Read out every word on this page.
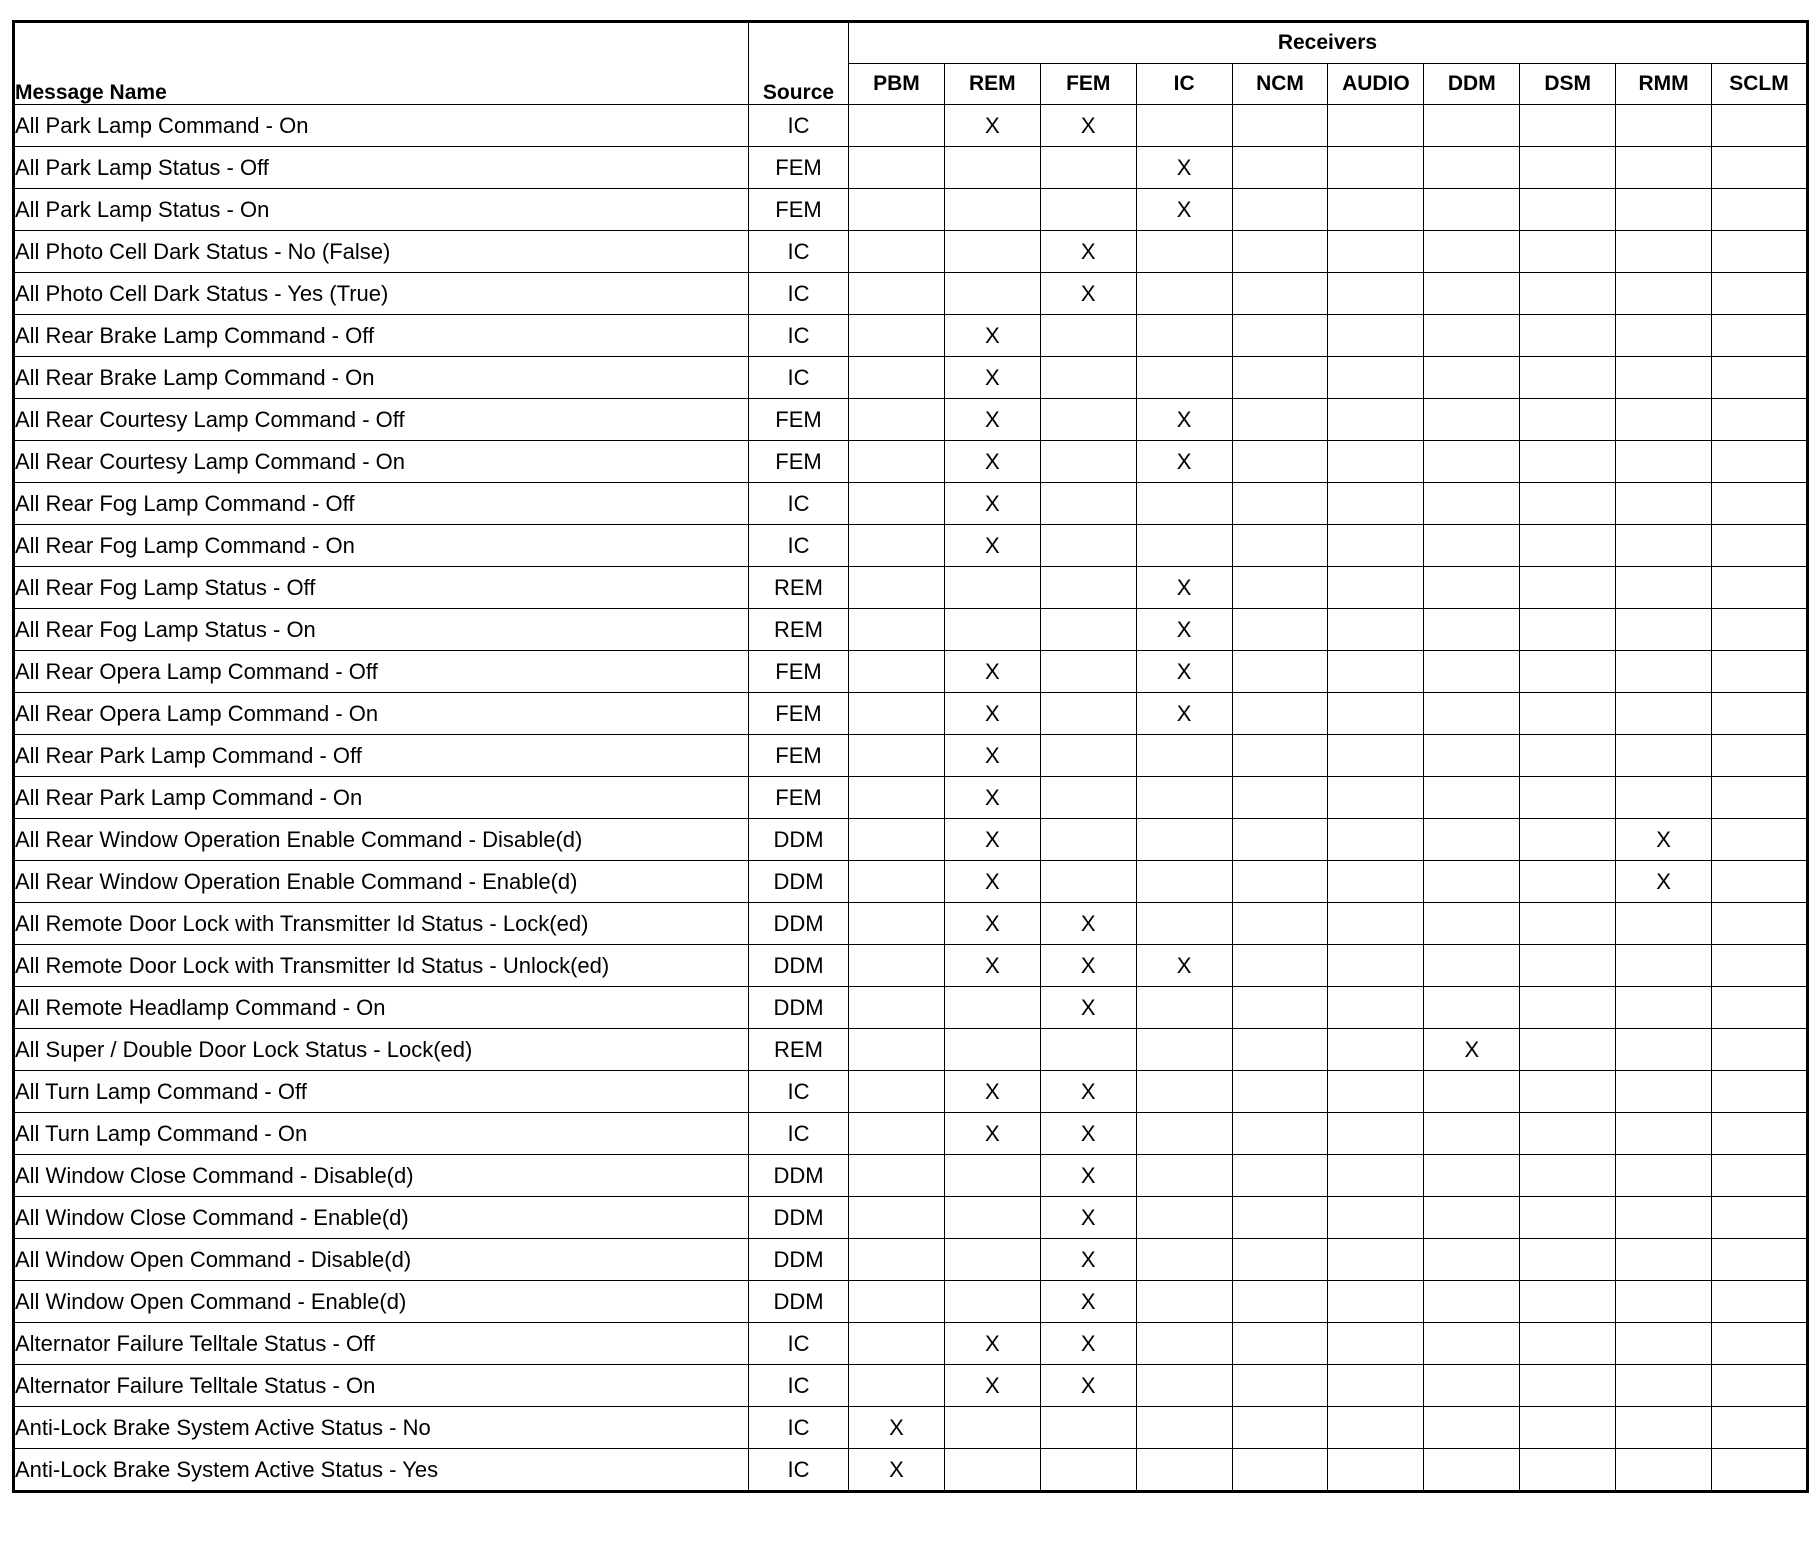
Message Name	Source	Receivers									
		PBM	REM	FEM	IC	NCM	AUDIO	DDM	DSM	RMM	SCLM
All Park Lamp Command - On	IC		X	X							
All Park Lamp Status - Off	FEM				X						
All Park Lamp Status - On	FEM				X						
All Photo Cell Dark Status - No (False)	IC			X							
All Photo Cell Dark Status - Yes (True)	IC			X							
All Rear Brake Lamp Command - Off	IC		X								
All Rear Brake Lamp Command - On	IC		X								
All Rear Courtesy Lamp Command - Off	FEM		X		X						
All Rear Courtesy Lamp Command - On	FEM		X		X						
All Rear Fog Lamp Command - Off	IC		X								
All Rear Fog Lamp Command - On	IC		X								
All Rear Fog Lamp Status - Off	REM				X						
All Rear Fog Lamp Status - On	REM				X						
All Rear Opera Lamp Command - Off	FEM		X		X						
All Rear Opera Lamp Command - On	FEM		X		X						
All Rear Park Lamp Command - Off	FEM		X								
All Rear Park Lamp Command - On	FEM		X								
All Rear Window Operation Enable Command - Disable(d)	DDM		X							X	
All Rear Window Operation Enable Command - Enable(d)	DDM		X							X	
All Remote Door Lock with Transmitter Id Status - Lock(ed)	DDM		X	X							
All Remote Door Lock with Transmitter Id Status - Unlock(ed)	DDM		X	X	X						
All Remote Headlamp Command - On	DDM			X							
All Super / Double Door Lock Status - Lock(ed)	REM							X			
All Turn Lamp Command - Off	IC		X	X							
All Turn Lamp Command - On	IC		X	X							
All Window Close Command - Disable(d)	DDM			X							
All Window Close Command - Enable(d)	DDM			X							
All Window Open Command - Disable(d)	DDM			X							
All Window Open Command - Enable(d)	DDM			X							
Alternator Failure Telltale Status - Off	IC		X	X							
Alternator Failure Telltale Status - On	IC		X	X							
Anti-Lock Brake System Active Status - No	IC	X									
Anti-Lock Brake System Active Status - Yes	IC	X									
